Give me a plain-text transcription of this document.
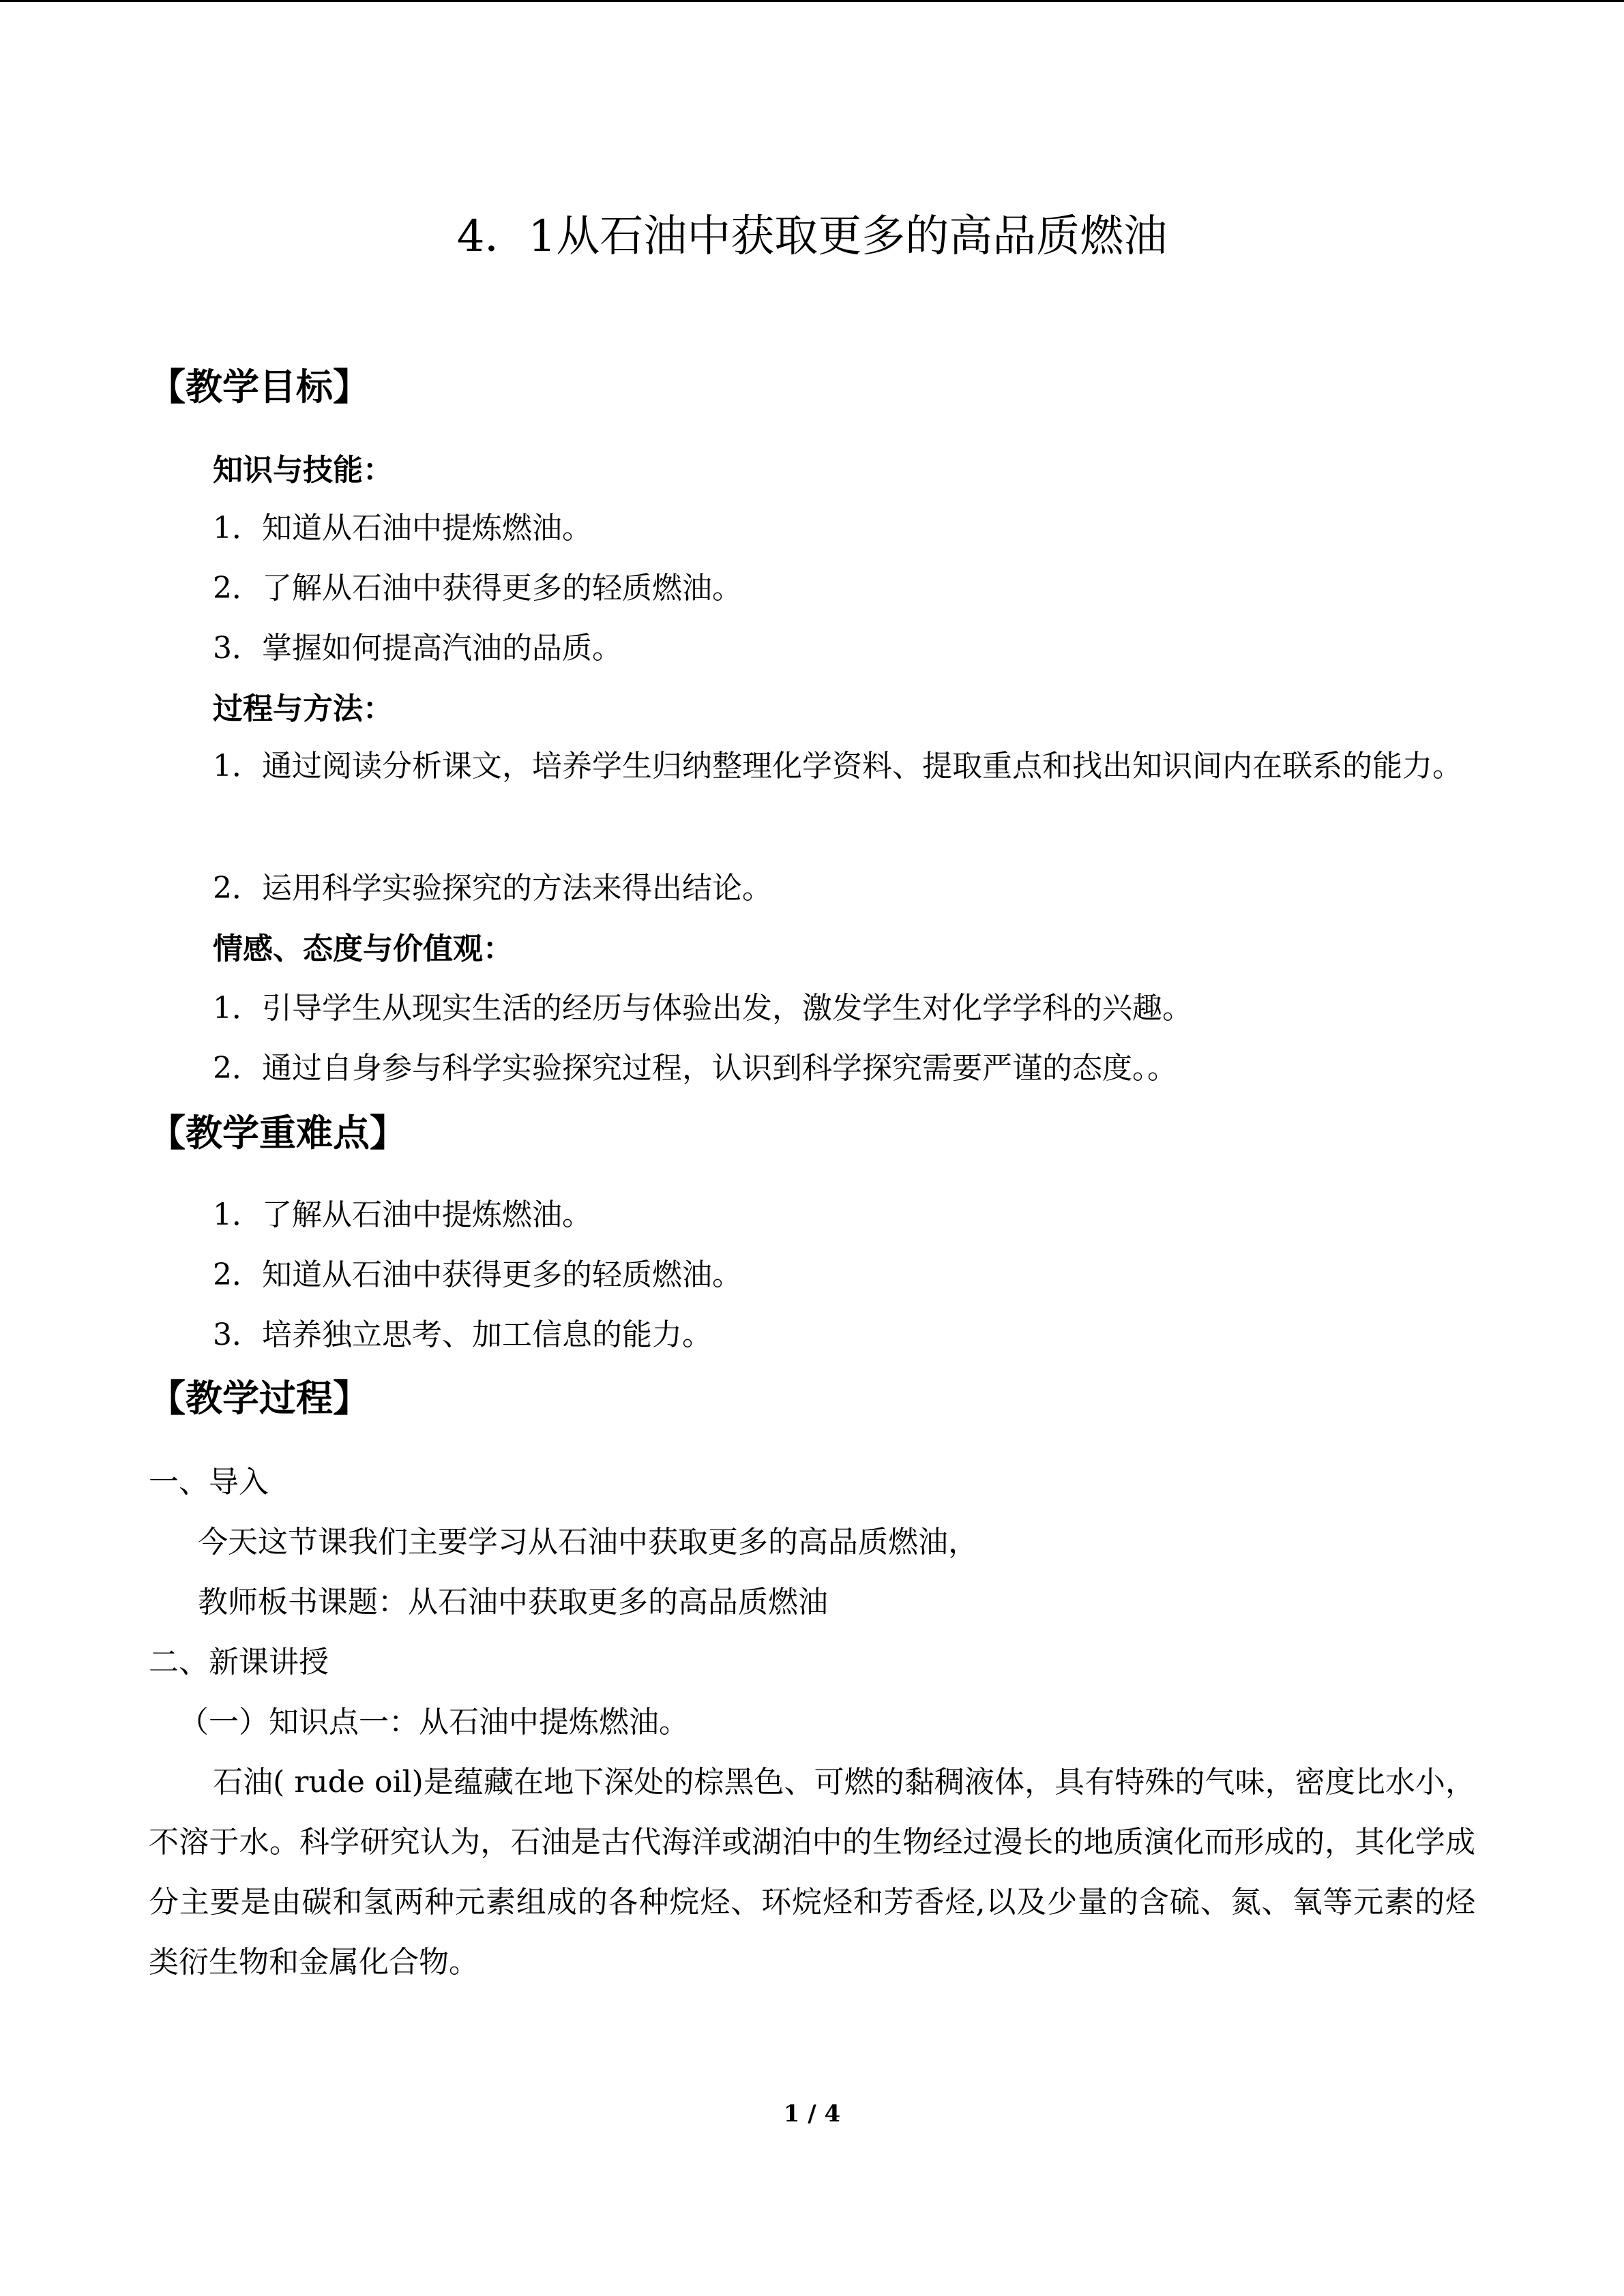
4．1从石油中获取更多的高品质燃油
【教学目标】
知识与技能：
1．知道从石油中提炼燃油。
2．了解从石油中获得更多的轻质燃油。
3．掌握如何提高汽油的品质。
过程与方法：
1．通过阅读分析课文，培养学生归纳整理化学资料、提取重点和找出知识间内在联系的能力。
2．运用科学实验探究的方法来得出结论。
情感、态度与价值观：
1．引导学生从现实生活的经历与体验出发，激发学生对化学学科的兴趣。
2．通过自身参与科学实验探究过程，认识到科学探究需要严谨的态度。。
【教学重难点】
1．了解从石油中提炼燃油。
2．知道从石油中获得更多的轻质燃油。
3．培养独立思考、加工信息的能力。
【教学过程】
一、导入
今天这节课我们主要学习从石油中获取更多的高品质燃油，
教师板书课题：从石油中获取更多的高品质燃油
二、新课讲授
（一）知识点一：从石油中提炼燃油。
石油( rude oil)是蕴藏在地下深处的棕黑色、可燃的黏稠液体，具有特殊的气味，密度比水小，不溶于水。科学研究认为，石油是古代海洋或湖泊中的生物经过漫长的地质演化而形成的，其化学成分主要是由碳和氢两种元素组成的各种烷烃、环烷烃和芳香烃,以及少量的含硫、氮、氧等元素的烃类衍生物和金属化合物。
1 / 4
